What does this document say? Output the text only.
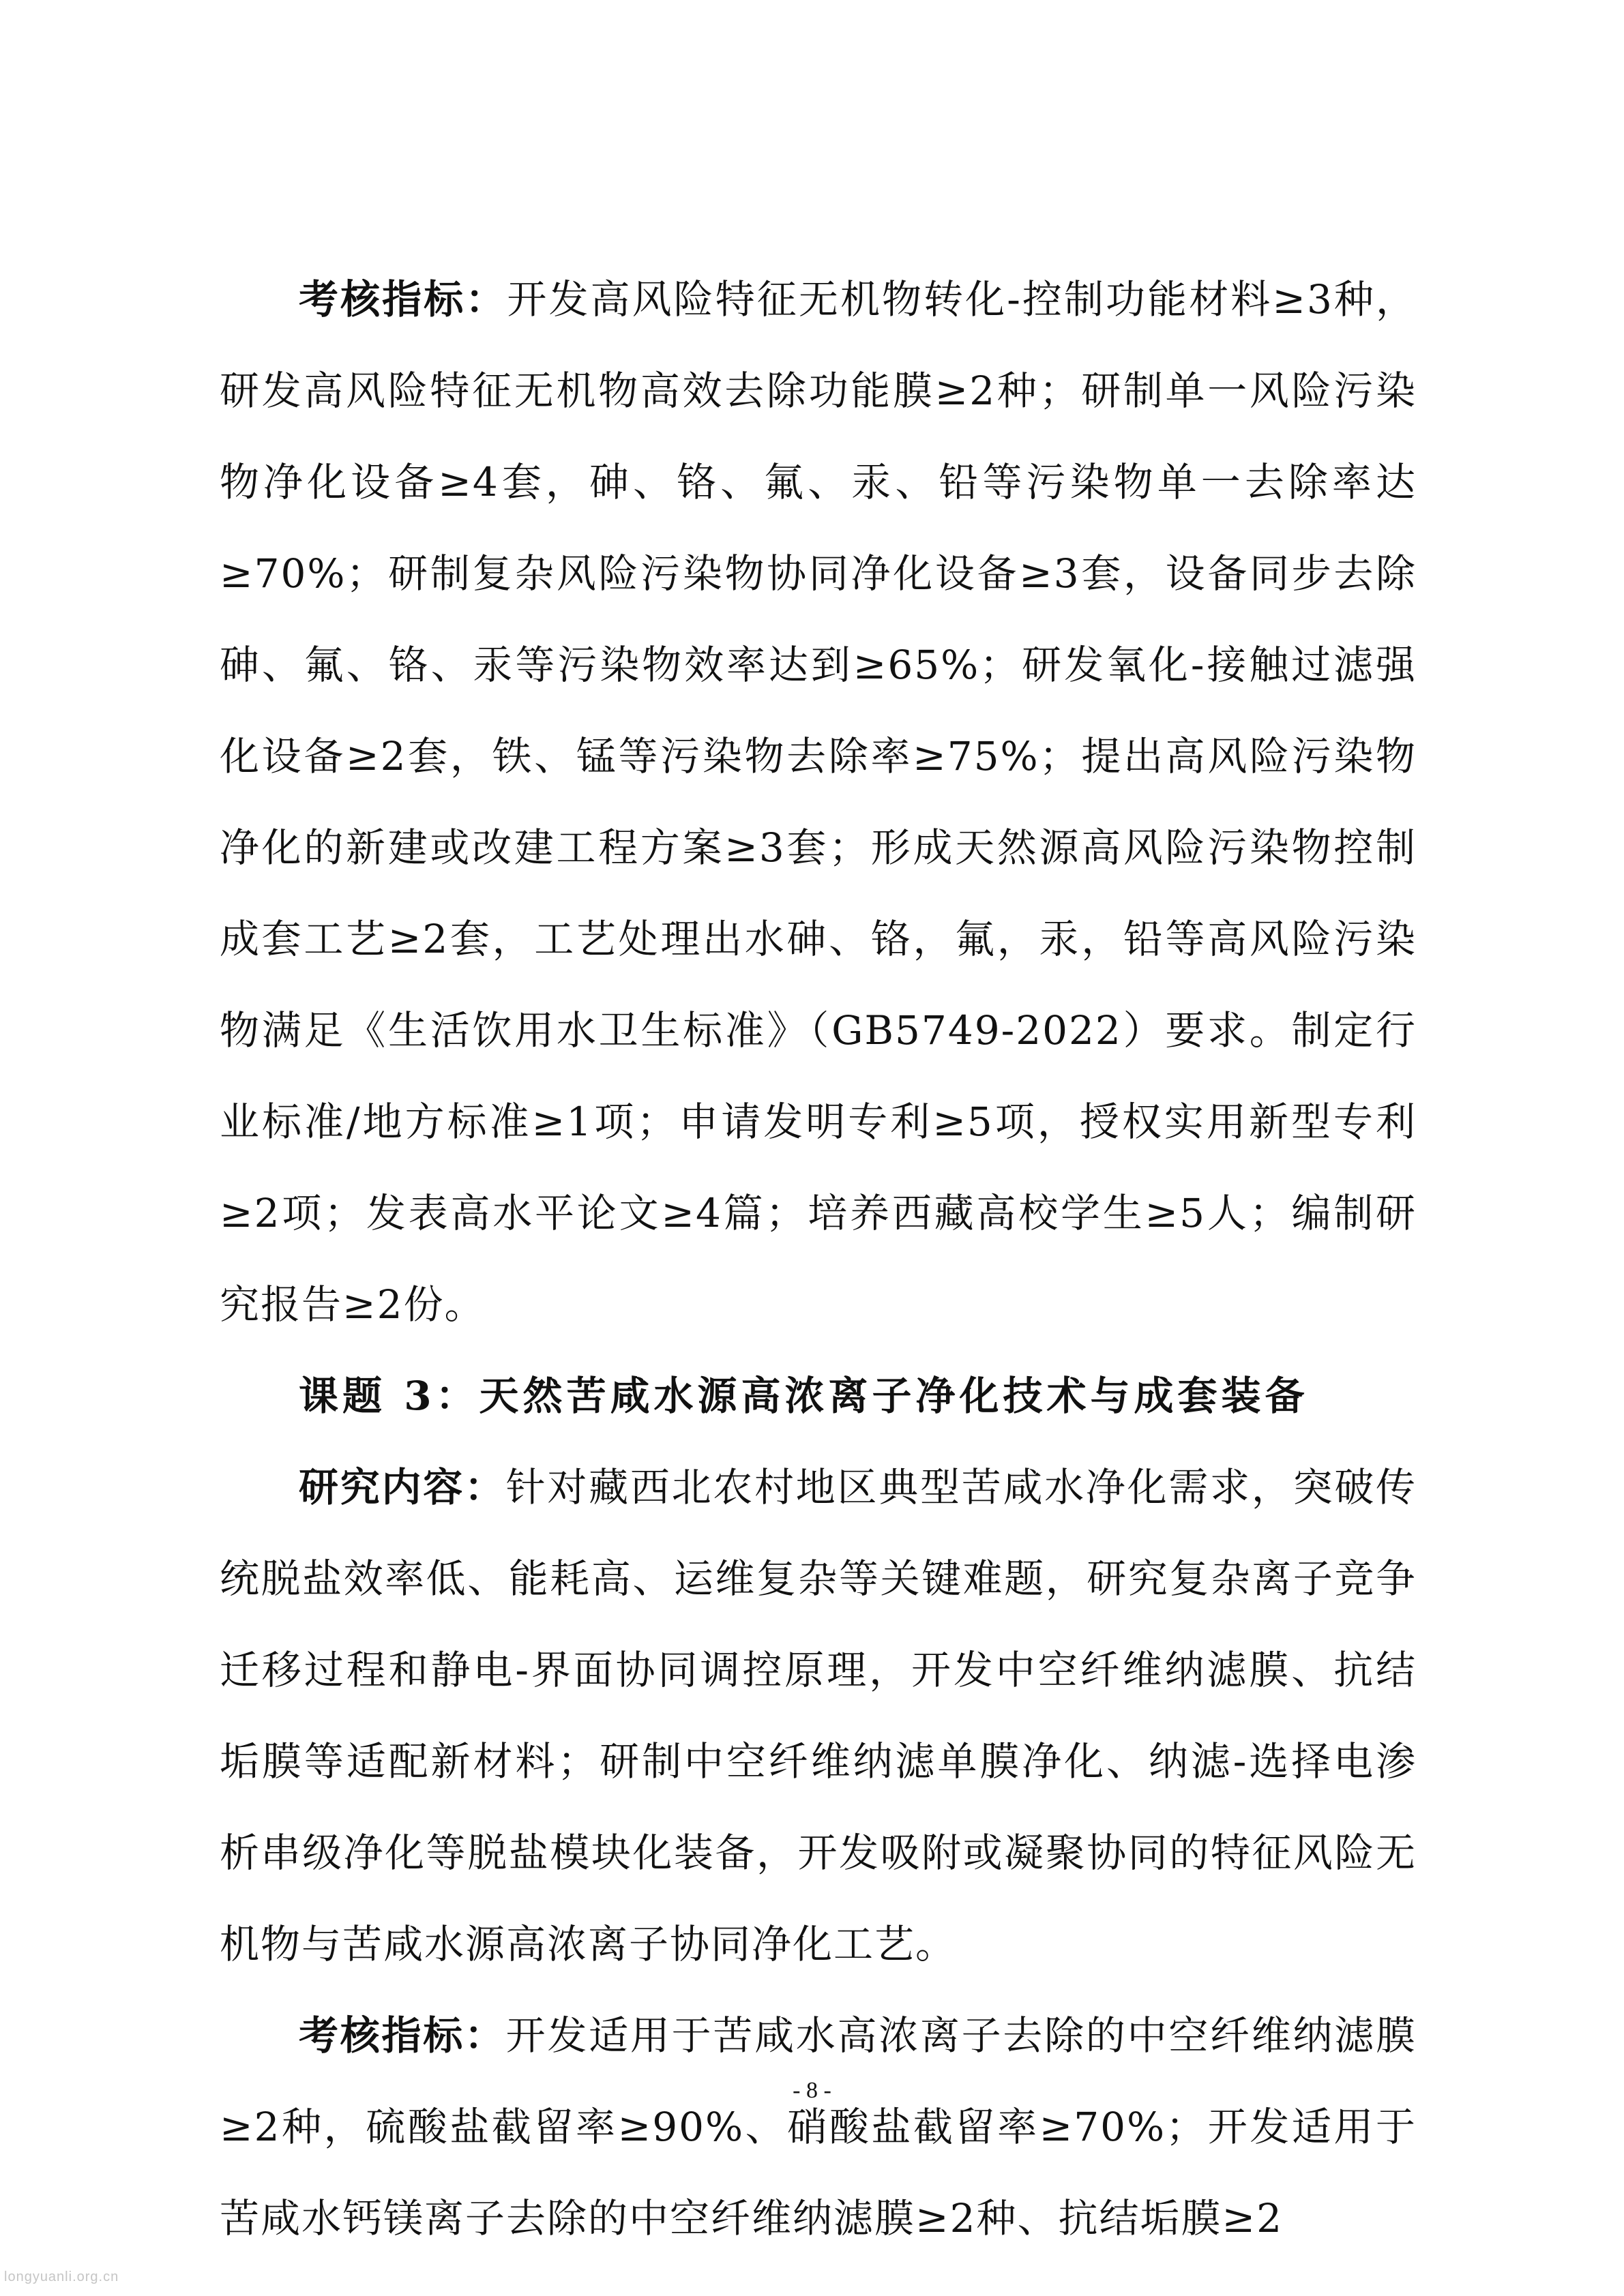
考核指标：开发高风险特征无机物转化-控制功能材料≥3种，研发高风险特征无机物高效去除功能膜≥2种；研制单一风险污染物净化设备≥4套，砷、铬、氟、汞、铅等污染物单一去除率达≥70%；研制复杂风险污染物协同净化设备≥3套，设备同步去除砷、氟、铬、汞等污染物效率达到≥65%；研发氧化-接触过滤强化设备≥2套，铁、锰等污染物去除率≥75%；提出高风险污染物净化的新建或改建工程方案≥3套；形成天然源高风险污染物控制成套工艺≥2套，工艺处理出水砷、铬，氟，汞，铅等高风险污染物满足《生活饮用水卫生标准》（GB5749-2022）要求。制定行业标准/地方标准≥1项；申请发明专利≥5项，授权实用新型专利≥2项；发表高水平论文≥4篇；培养西藏高校学生≥5人；编制研究报告≥2份。

课题 3：天然苦咸水源高浓离子净化技术与成套装备

研究内容：针对藏西北农村地区典型苦咸水净化需求，突破传统脱盐效率低、能耗高、运维复杂等关键难题，研究复杂离子竞争迁移过程和静电-界面协同调控原理，开发中空纤维纳滤膜、抗结垢膜等适配新材料；研制中空纤维纳滤单膜净化、纳滤-选择电渗析串级净化等脱盐模块化装备，开发吸附或凝聚协同的特征风险无机物与苦咸水源高浓离子协同净化工艺。

考核指标：开发适用于苦咸水高浓离子去除的中空纤维纳滤膜≥2种，硫酸盐截留率≥90%、硝酸盐截留率≥70%；开发适用于苦咸水钙镁离子去除的中空纤维纳滤膜≥2种、抗结垢膜≥2

- 8 -
longyuanli.org.cn
